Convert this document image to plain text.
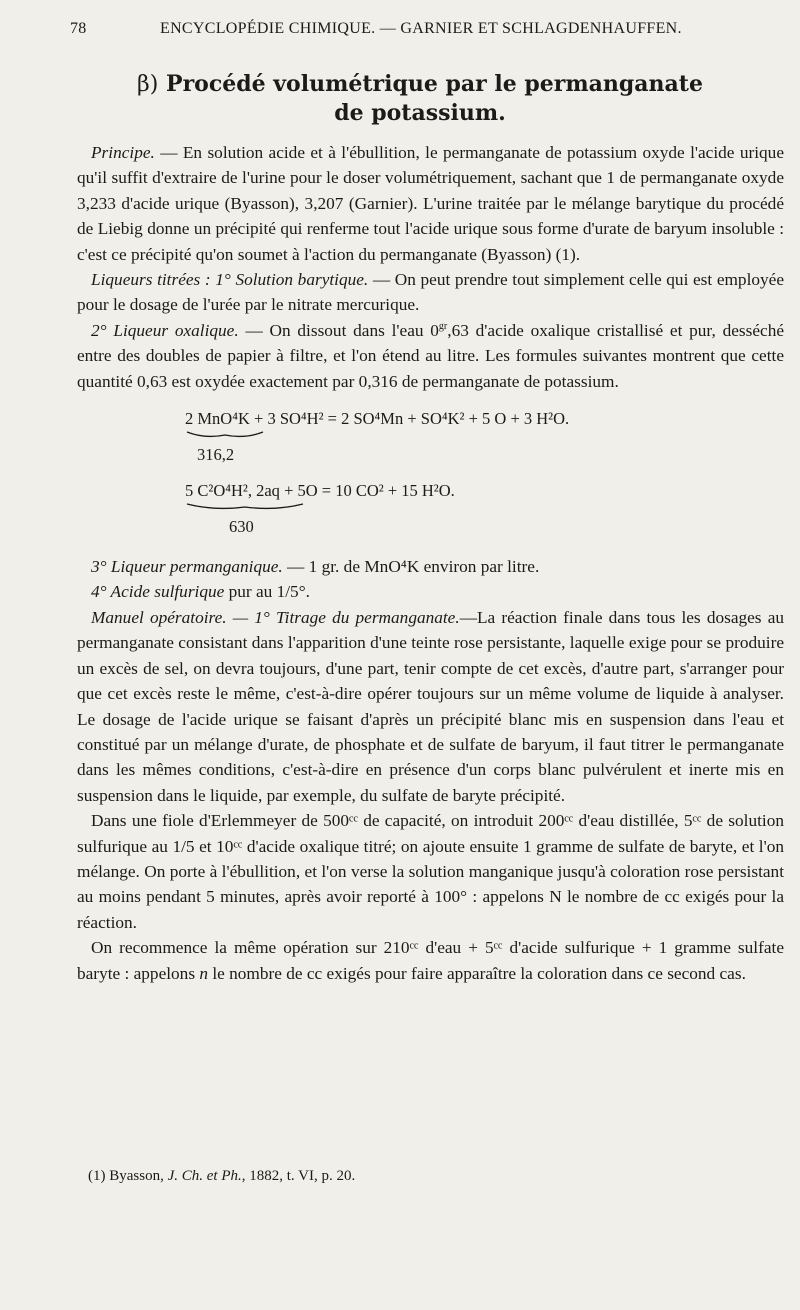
78	ENCYCLOPÉDIE CHIMIQUE. — GARNIER ET SCHLAGDENHAUFFEN.
β) Procédé volumétrique par le permanganate
de potassium.

Principe. — En solution acide et à l'ébullition, le permanganate de potassium oxyde l'acide urique qu'il suffit d'extraire de l'urine pour le doser volumétriquement, sachant que 1 de permanganate oxyde 3,233 d'acide urique (Byasson), 3,207 (Garnier). L'urine traitée par le mélange barytique du procédé de Liebig donne un précipité qui renferme tout l'acide urique sous forme d'urate de baryum insoluble : c'est ce précipité qu'on soumet à l'action du permanganate (Byasson) (1).

Liqueurs titrées : 1° Solution barytique. — On peut prendre tout simplement celle qui est employée pour le dosage de l'urée par le nitrate mercurique.

2° Liqueur oxalique. — On dissout dans l'eau $0^{gr},63$ d'acide oxalique cristallisé et pur, desséché entre des doubles de papier à filtre, et l'on étend au litre. Les formules suivantes montrent que cette quantité 0,63 est oxydée exactement par 0,316 de permanganate de potassium.

2 MnO⁴K + 3 SO⁴H² = 2 SO⁴Mn + SO⁴K² + 5 O + 3 H²O.
316,2
5 C²O⁴H², 2aq + 5O = 10 CO² + 15 H²O.
630

3° Liqueur permanganique. — 1 gr. de MnO⁴K environ par litre.

4° Acide sulfurique pur au 1/5°.

Manuel opératoire. — 1° Titrage du permanganate.—La réaction finale dans tous les dosages au permanganate consistant dans l'apparition d'une teinte rose persistante, laquelle exige pour se produire un excès de sel, on devra toujours, d'une part, tenir compte de cet excès, d'autre part, s'arranger pour que cet excès reste le même, c'est-à-dire opérer toujours sur un même volume de liquide à analyser. Le dosage de l'acide urique se faisant d'après un précipité blanc mis en suspension dans l'eau et constitué par un mélange d'urate, de phosphate et de sulfate de baryum, il faut titrer le permanganate dans les mêmes conditions, c'est-à-dire en présence d'un corps blanc pulvérulent et inerte mis en suspension dans le liquide, par exemple, du sulfate de baryte précipité.

Dans une fiole d'Erlemmeyer de 500ᶜᶜ de capacité, on introduit 200ᶜᶜ d'eau distillée, 5ᶜᶜ de solution sulfurique au 1/5 et 10ᶜᶜ d'acide oxalique titré; on ajoute ensuite 1 gramme de sulfate de baryte, et l'on mélange. On porte à l'ébullition, et l'on verse la solution manganique jusqu'à coloration rose persistant au moins pendant 5 minutes, après avoir reporté à 100° : appelons N le nombre de cc exigés pour la réaction.

On recommence la même opération sur 210ᶜᶜ d'eau + 5ᶜᶜ d'acide sulfurique + 1 gramme sulfate baryte : appelons n le nombre de cc exigés pour faire apparaître la coloration dans ce second cas.

(1) Byasson, J. Ch. et Ph., 1882, t. VI, p. 20.
